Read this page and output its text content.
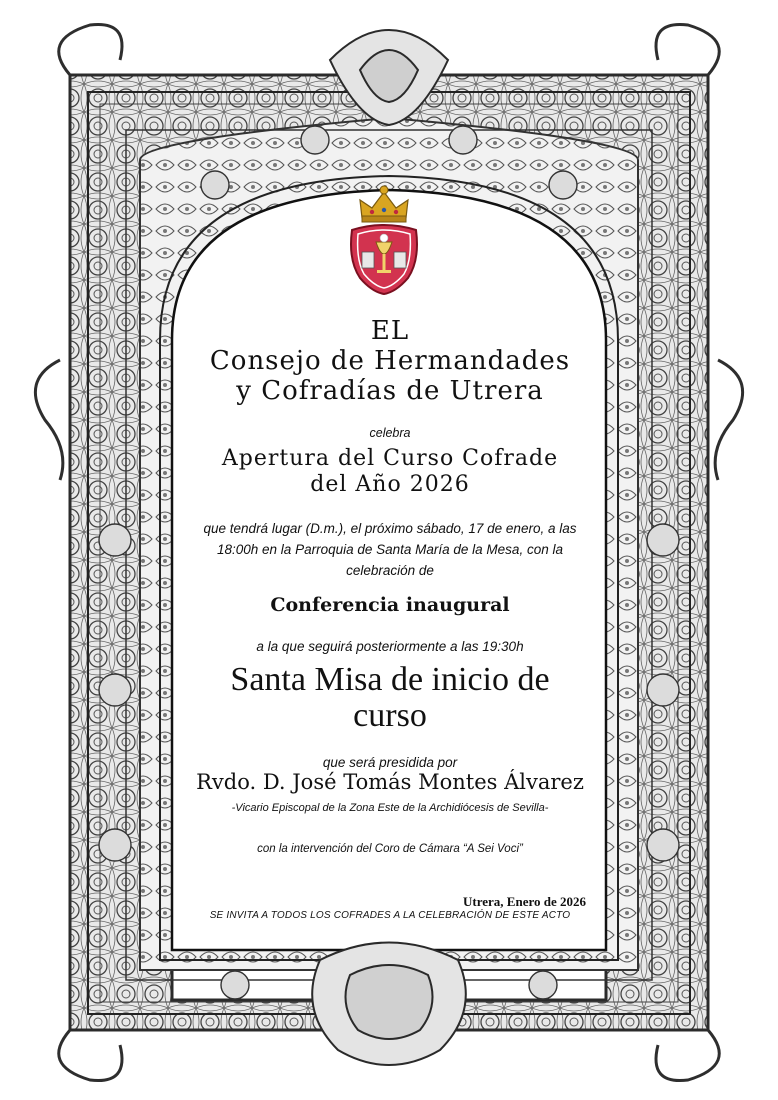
EL
Consejo de Hermandades
y Cofradías de Utrera
celebra
Apertura del Curso Cofrade
del Año 2026
que tendrá lugar (D.m.), el próximo sábado, 17 de enero, a las
18:00h en la Parroquia de Santa María de la Mesa, con la
celebración de
Conferencia inaugural
a la que seguirá posteriormente a las 19:30h
Santa Misa de inicio de
curso
que será presidida por
Rvdo. D. José Tomás Montes Álvarez
-Vicario Episcopal de la Zona Este de la Archidiócesis de Sevilla-
con la intervención del Coro de Cámara “A Sei Voci”
Utrera, Enero de 2026
SE INVITA A TODOS LOS COFRADES A LA CELEBRACIÓN DE ESTE ACTO
